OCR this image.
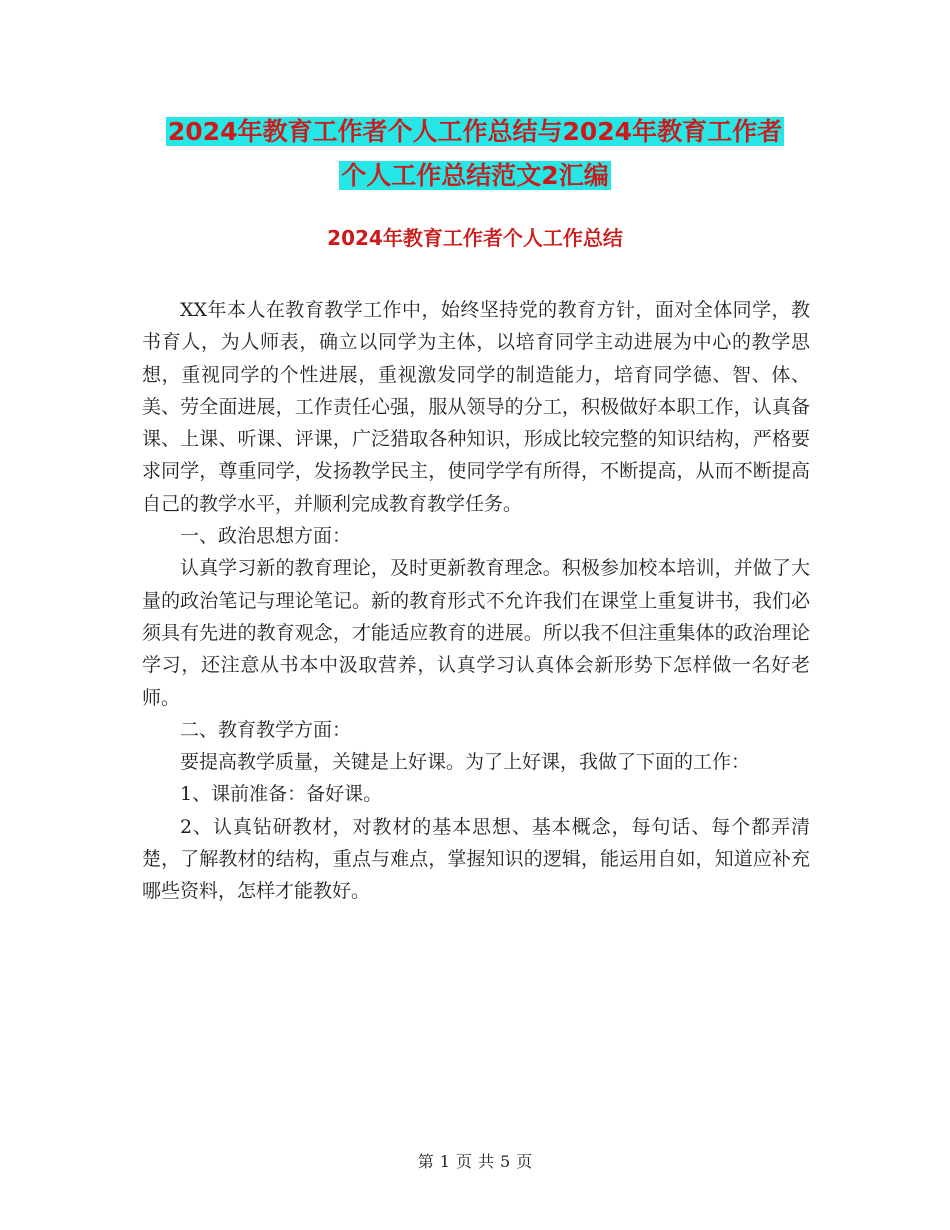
2024年教育工作者个人工作总结与2024年教育工作者
个人工作总结范文2汇编
2024年教育工作者个人工作总结

XX年本人在教育教学工作中，始终坚持党的教育方针，面对全体同学，教书育人，为人师表，确立以同学为主体，以培育同学主动进展为中心的教学思想，重视同学的个性进展，重视激发同学的制造能力，培育同学德、智、体、美、劳全面进展，工作责任心强，服从领导的分工，积极做好本职工作，认真备课、上课、听课、评课，广泛猎取各种知识，形成比较完整的知识结构，严格要求同学，尊重同学，发扬教学民主，使同学学有所得，不断提高，从而不断提高自己的教学水平，并顺利完成教育教学任务。

一、政治思想方面：

认真学习新的教育理论，及时更新教育理念。积极参加校本培训，并做了大量的政治笔记与理论笔记。新的教育形式不允许我们在课堂上重复讲书，我们必须具有先进的教育观念，才能适应教育的进展。所以我不但注重集体的政治理论学习，还注意从书本中汲取营养，认真学习认真体会新形势下怎样做一名好老师。

二、教育教学方面：

要提高教学质量，关键是上好课。为了上好课，我做了下面的工作：

1、课前准备：备好课。

2、认真钻研教材，对教材的基本思想、基本概念，每句话、每个都弄清楚，了解教材的结构，重点与难点，掌握知识的逻辑，能运用自如，知道应补充哪些资料，怎样才能教好。

第 1 页 共 5 页
